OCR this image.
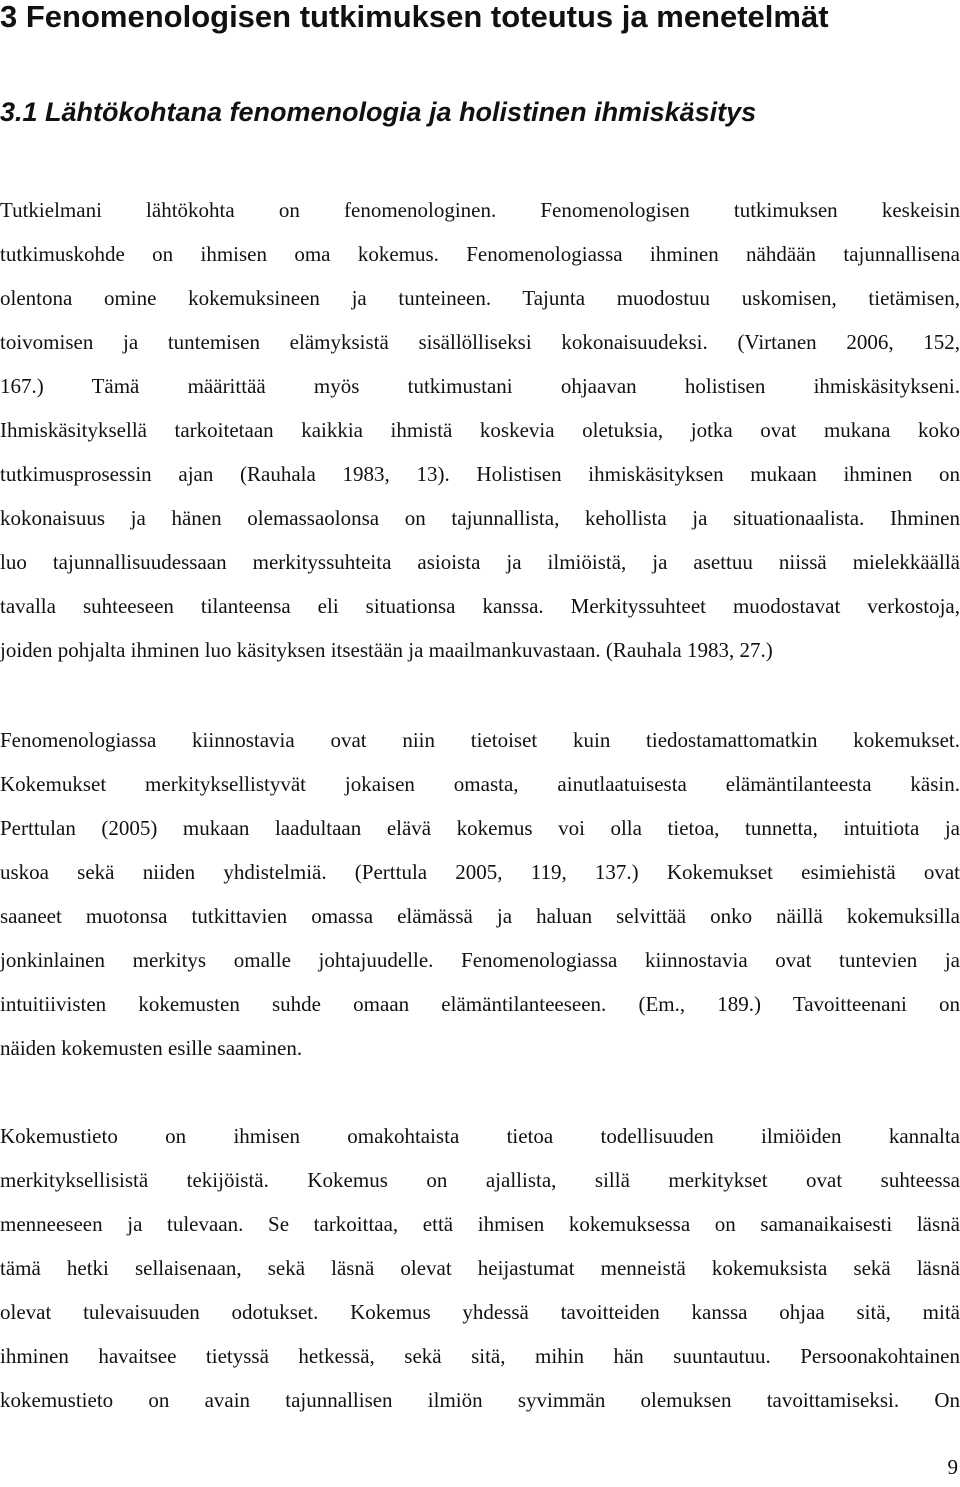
3 Fenomenologisen tutkimuksen toteutus ja menetelmät
3.1 Lähtökohtana fenomenologia ja holistinen ihmiskäsitys
Tutkielmani lähtökohta on fenomenologinen. Fenomenologisen tutkimuksen keskeisin
tutkimuskohde on ihmisen oma kokemus. Fenomenologiassa ihminen nähdään tajunnallisena
olentona omine kokemuksineen ja tunteineen. Tajunta muodostuu uskomisen, tietämisen,
toivomisen ja tuntemisen elämyksistä sisällölliseksi kokonaisuudeksi. (Virtanen 2006, 152,
167.) Tämä määrittää myös tutkimustani ohjaavan holistisen ihmiskäsitykseni.
Ihmiskäsityksellä tarkoitetaan kaikkia ihmistä koskevia oletuksia, jotka ovat mukana koko
tutkimusprosessin ajan (Rauhala 1983, 13). Holistisen ihmiskäsityksen mukaan ihminen on
kokonaisuus ja hänen olemassaolonsa on tajunnallista, kehollista ja situationaalista. Ihminen
luo tajunnallisuudessaan merkityssuhteita asioista ja ilmiöistä, ja asettuu niissä mielekkäällä
tavalla suhteeseen tilanteensa eli situationsa kanssa. Merkityssuhteet muodostavat verkostoja,
joiden pohjalta ihminen luo käsityksen itsestään ja maailmankuvastaan. (Rauhala 1983, 27.)
Fenomenologiassa kiinnostavia ovat niin tietoiset kuin tiedostamattomatkin kokemukset.
Kokemukset merkityksellistyvät jokaisen omasta, ainutlaatuisesta elämäntilanteesta käsin.
Perttulan (2005) mukaan laadultaan elävä kokemus voi olla tietoa, tunnetta, intuitiota ja
uskoa sekä niiden yhdistelmiä. (Perttula 2005, 119, 137.) Kokemukset esimiehistä ovat
saaneet muotonsa tutkittavien omassa elämässä ja haluan selvittää onko näillä kokemuksilla
jonkinlainen merkitys omalle johtajuudelle. Fenomenologiassa kiinnostavia ovat tuntevien ja
intuitiivisten kokemusten suhde omaan elämäntilanteeseen. (Em., 189.) Tavoitteenani on
näiden kokemusten esille saaminen.
Kokemustieto on ihmisen omakohtaista tietoa todellisuuden ilmiöiden kannalta
merkityksellisistä tekijöistä. Kokemus on ajallista, sillä merkitykset ovat suhteessa
menneeseen ja tulevaan. Se tarkoittaa, että ihmisen kokemuksessa on samanaikaisesti läsnä
tämä hetki sellaisenaan, sekä läsnä olevat heijastumat menneistä kokemuksista sekä läsnä
olevat tulevaisuuden odotukset. Kokemus yhdessä tavoitteiden kanssa ohjaa sitä, mitä
ihminen havaitsee tietyssä hetkessä, sekä sitä, mihin hän suuntautuu. Persoonakohtainen
kokemustieto on avain tajunnallisen ilmiön syvimmän olemuksen tavoittamiseksi. On

9
